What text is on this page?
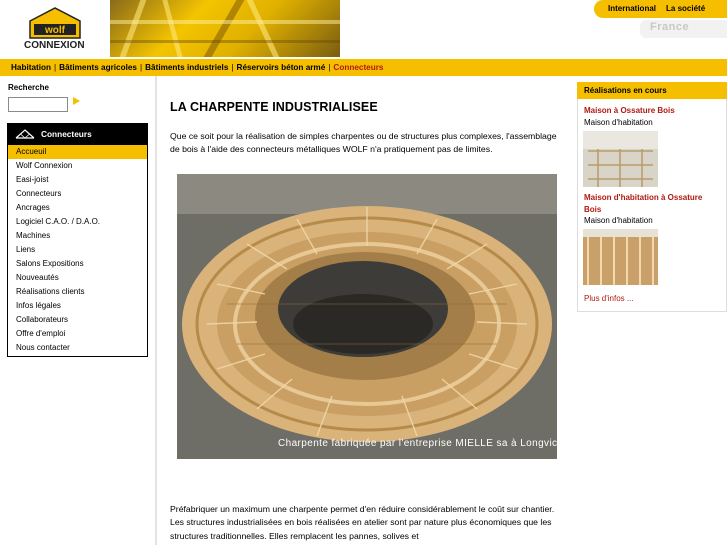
wolf
CONNEXION
International La société
France
Habitation | Bâtiments agricoles | Bâtiments industriels | Réservoirs béton armé | Connecteurs
Recherche
Connecteurs
Accueuil
Wolf Connexion
Easi-joist
Connecteurs
Ancrages
Logiciel C.A.O. / D.A.O.
Machines
Liens
Salons Expositions
Nouveautés
Réalisations clients
Infos légales
Collaborateurs
Offre d'emploi
Nous contacter
LA CHARPENTE INDUSTRIALISEE
Que ce soit pour la réalisation de simples charpentes ou de structures plus complexes, l'assemblage de bois à l'aide des connecteurs métalliques WOLF n'a pratiquement pas de limites.
Charpente fabriquée par l'entreprise MIELLE sa à Longvic
Préfabriquer un maximum une charpente permet d'en réduire considérablement le coût sur chantier. Les structures industrialisées en bois réalisées en atelier sont par nature plus économiques que les structures traditionnelles. Elles remplacent les pannes, solives et
Réalisations en cours
Maison à Ossature Bois
Maison d'habitation
Maison d'habitation à Ossature Bois
Maison d'habitation
Plus d'infos ...
